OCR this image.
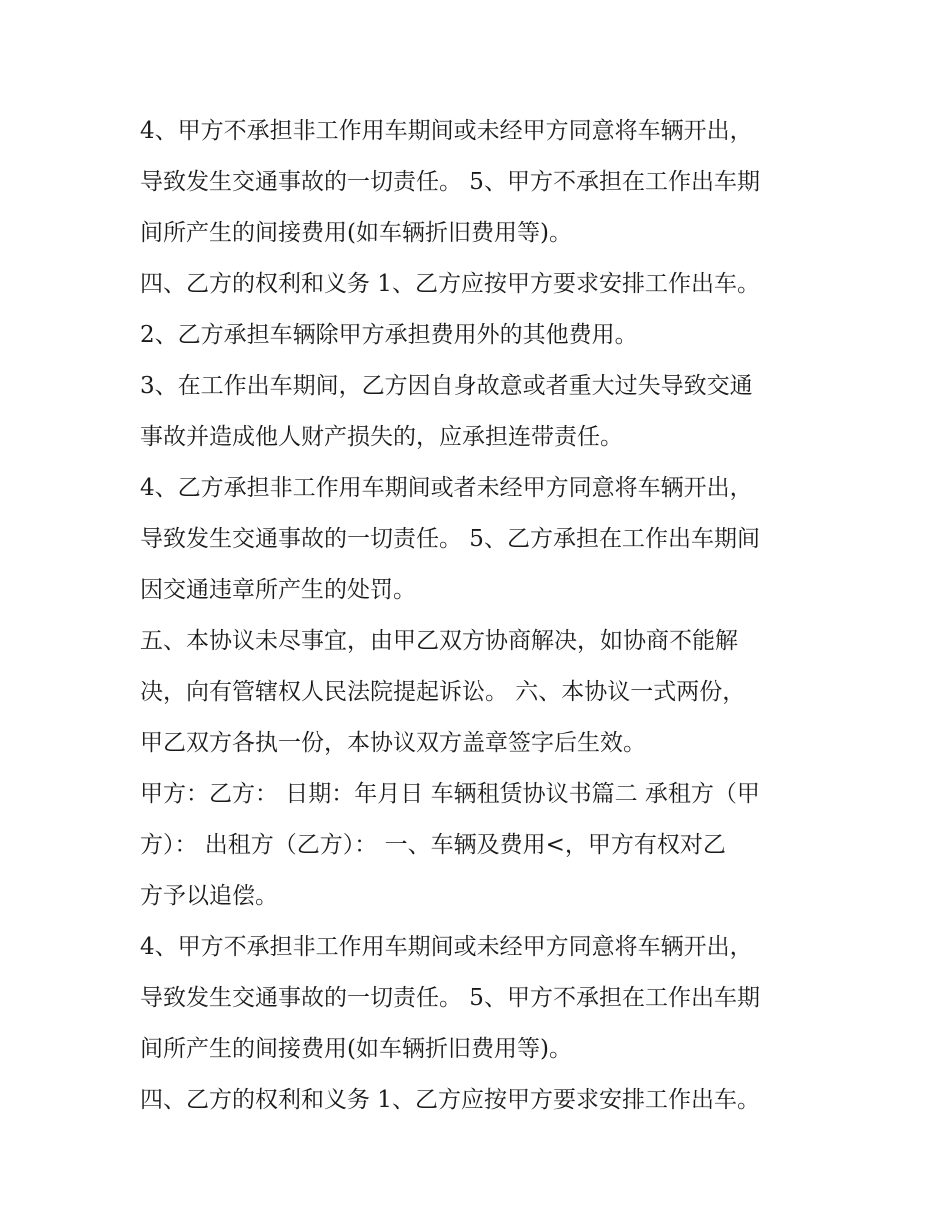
4、甲方不承担非工作用车期间或未经甲方同意将车辆开出，
导致发生交通事故的一切责任。 5、甲方不承担在工作出车期
间所产生的间接费用(如车辆折旧费用等)。
四、乙方的权利和义务 1、乙方应按甲方要求安排工作出车。
2、乙方承担车辆除甲方承担费用外的其他费用。
3、在工作出车期间，乙方因自身故意或者重大过失导致交通
事故并造成他人财产损失的，应承担连带责任。
4、乙方承担非工作用车期间或者未经甲方同意将车辆开出，
导致发生交通事故的一切责任。 5、乙方承担在工作出车期间
因交通违章所产生的处罚。
五、本协议未尽事宜，由甲乙双方协商解决，如协商不能解
决，向有管辖权人民法院提起诉讼。 六、本协议一式两份，
甲乙双方各执一份，本协议双方盖章签字后生效。
甲方：乙方： 日期：年月日 车辆租赁协议书篇二 承租方（甲
方）： 出租方（乙方）： 一、车辆及费用<，甲方有权对乙
方予以追偿。
4、甲方不承担非工作用车期间或未经甲方同意将车辆开出，
导致发生交通事故的一切责任。 5、甲方不承担在工作出车期
间所产生的间接费用(如车辆折旧费用等)。
四、乙方的权利和义务 1、乙方应按甲方要求安排工作出车。
